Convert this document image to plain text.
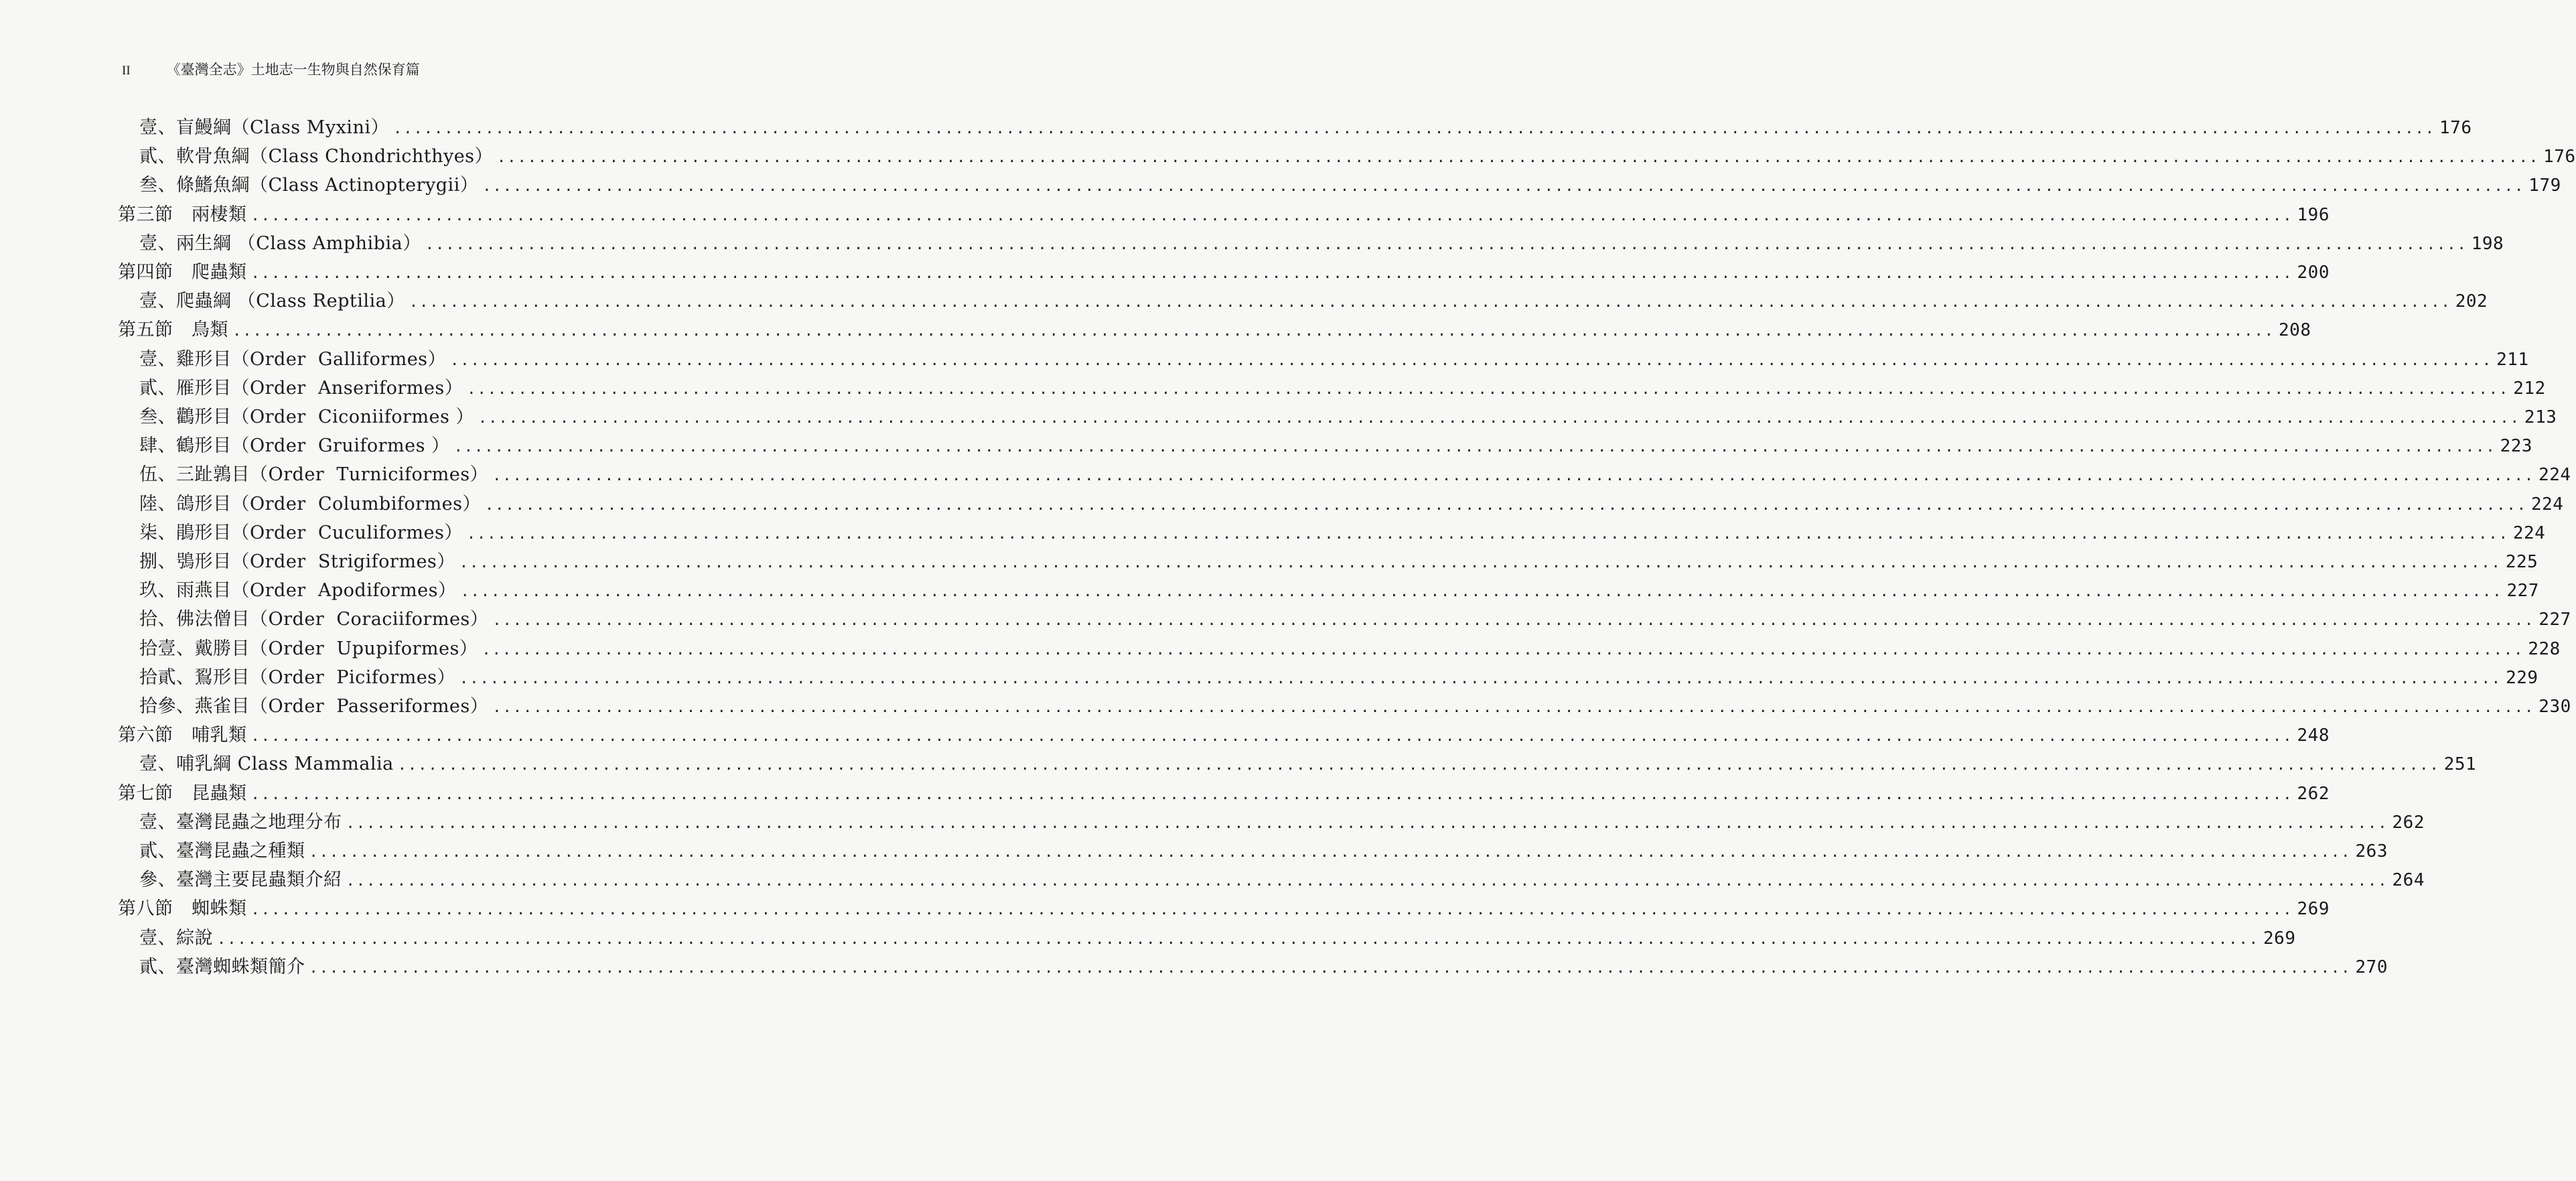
II	《臺灣全志》土地志一生物與自然保育篇
壹、盲鰻綱（Class Myxini） ........................................................................................................................................................................................................ 176
貳、軟骨魚綱（Class Chondrichthyes） ........................................................................................................................................................................................................ 176
叁、條鰭魚綱（Class Actinopterygii） ........................................................................................................................................................................................................ 179
第三節　兩棲類 ........................................................................................................................................................................................................ 196
壹、兩生綱 （Class Amphibia） ........................................................................................................................................................................................................ 198
第四節　爬蟲類 ........................................................................................................................................................................................................ 200
壹、爬蟲綱 （Class Reptilia） ........................................................................................................................................................................................................ 202
第五節　鳥類 ........................................................................................................................................................................................................ 208
壹、雞形目（Order  Galliformes） ........................................................................................................................................................................................................ 211
貳、雁形目（Order  Anseriformes） ........................................................................................................................................................................................................ 212
叁、鸛形目（Order  Ciconiiformes ） ........................................................................................................................................................................................................ 213
肆、鶴形目（Order  Gruiformes ） ........................................................................................................................................................................................................ 223
伍、三趾鶉目（Order  Turniciformes） ........................................................................................................................................................................................................ 224
陸、鴿形目（Order  Columbiformes） ........................................................................................................................................................................................................ 224
柒、鵑形目（Order  Cuculiformes） ........................................................................................................................................................................................................ 224
捌、鴞形目（Order  Strigiformes） ........................................................................................................................................................................................................ 225
玖、雨燕目（Order  Apodiformes） ........................................................................................................................................................................................................ 227
拾、佛法僧目（Order  Coraciiformes） ........................................................................................................................................................................................................ 227
拾壹、戴勝目（Order  Upupiformes） ........................................................................................................................................................................................................ 228
拾貳、鴷形目（Order  Piciformes） ........................................................................................................................................................................................................ 229
拾參、燕雀目（Order  Passeriformes） ........................................................................................................................................................................................................ 230
第六節　哺乳類 ........................................................................................................................................................................................................ 248
壹、哺乳綱 Class Mammalia ........................................................................................................................................................................................................ 251
第七節　昆蟲類 ........................................................................................................................................................................................................ 262
壹、臺灣昆蟲之地理分布 ........................................................................................................................................................................................................ 262
貳、臺灣昆蟲之種類 ........................................................................................................................................................................................................ 263
參、臺灣主要昆蟲類介紹 ........................................................................................................................................................................................................ 264
第八節　蜘蛛類 ........................................................................................................................................................................................................ 269
壹、綜說 ........................................................................................................................................................................................................ 269
貳、臺灣蜘蛛類簡介 ........................................................................................................................................................................................................ 270
